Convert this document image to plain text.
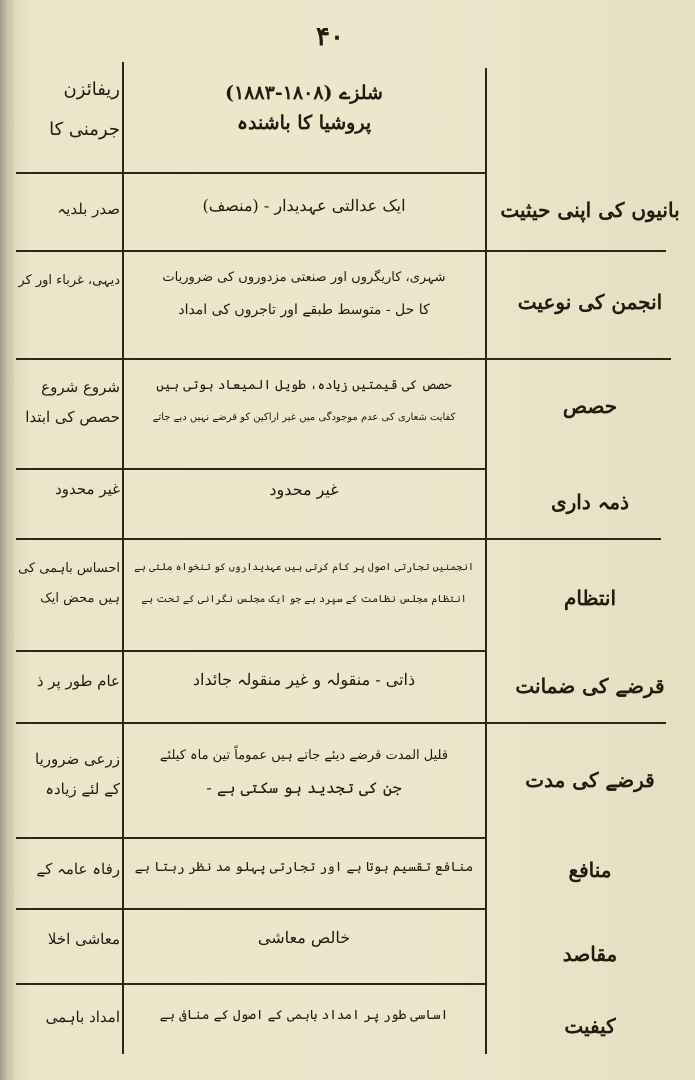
۴۰
شلزے (۱۸۰۸-۱۸۸۳)
پروشیا کا باشندہ
ریفائزن
جرمنی کا
بانیوں کی اپنی حیثیت
ایک عدالتی عہدیدار - (منصف)
صدر بلدیہ
انجمن کی نوعیت
شہری، کاریگروں اور صنعتی مزدوروں کی ضروریات
کا حل - متوسط طبقے اور تاجروں کی امداد
دیہی، غرباء اور کر
حصص
حصص کی قیمتیں زیادہ، طویل المیعاد ہوتی ہیں
کفایت شعاری کی عدم موجودگی میں غیر اراکین کو قرضے نہیں دیے جاتے
شروع شروع
حصص کی ابتدا
ذمہ داری
غیر محدود
غیر محدود
انتظام
انجمنیں تجارتی اصول پر کام کرتی ہیں عہدیداروں کو تنخواہ ملتی ہے
انتظام مجلس نظامت کے سپرد ہے جو ایک مجلس نگرانی کے تحت ہے
احساس باہمی کی
ہیں محض ایک
قرضے کی ضمانت
ذاتی - منقولہ و غیر منقولہ جائداد
عام طور پر ذ
قرضے کی مدت
قلیل المدت قرضے دیئے جاتے ہیں عموماً تین ماہ کیلئے
جن کی تجدید ہو سکتی ہے -
زرعی ضروریا
کے لئے زیادہ
منافع
منافع تقسیم ہوتا ہے اور تجارتی پہلو مد نظر رہتا ہے
رفاہ عامہ کے
مقاصد
خالص معاشی
معاشی اخلا
کیفیت
اساسی طور پر امداد باہمی کے اصول کے منافی ہے
امداد باہمی
